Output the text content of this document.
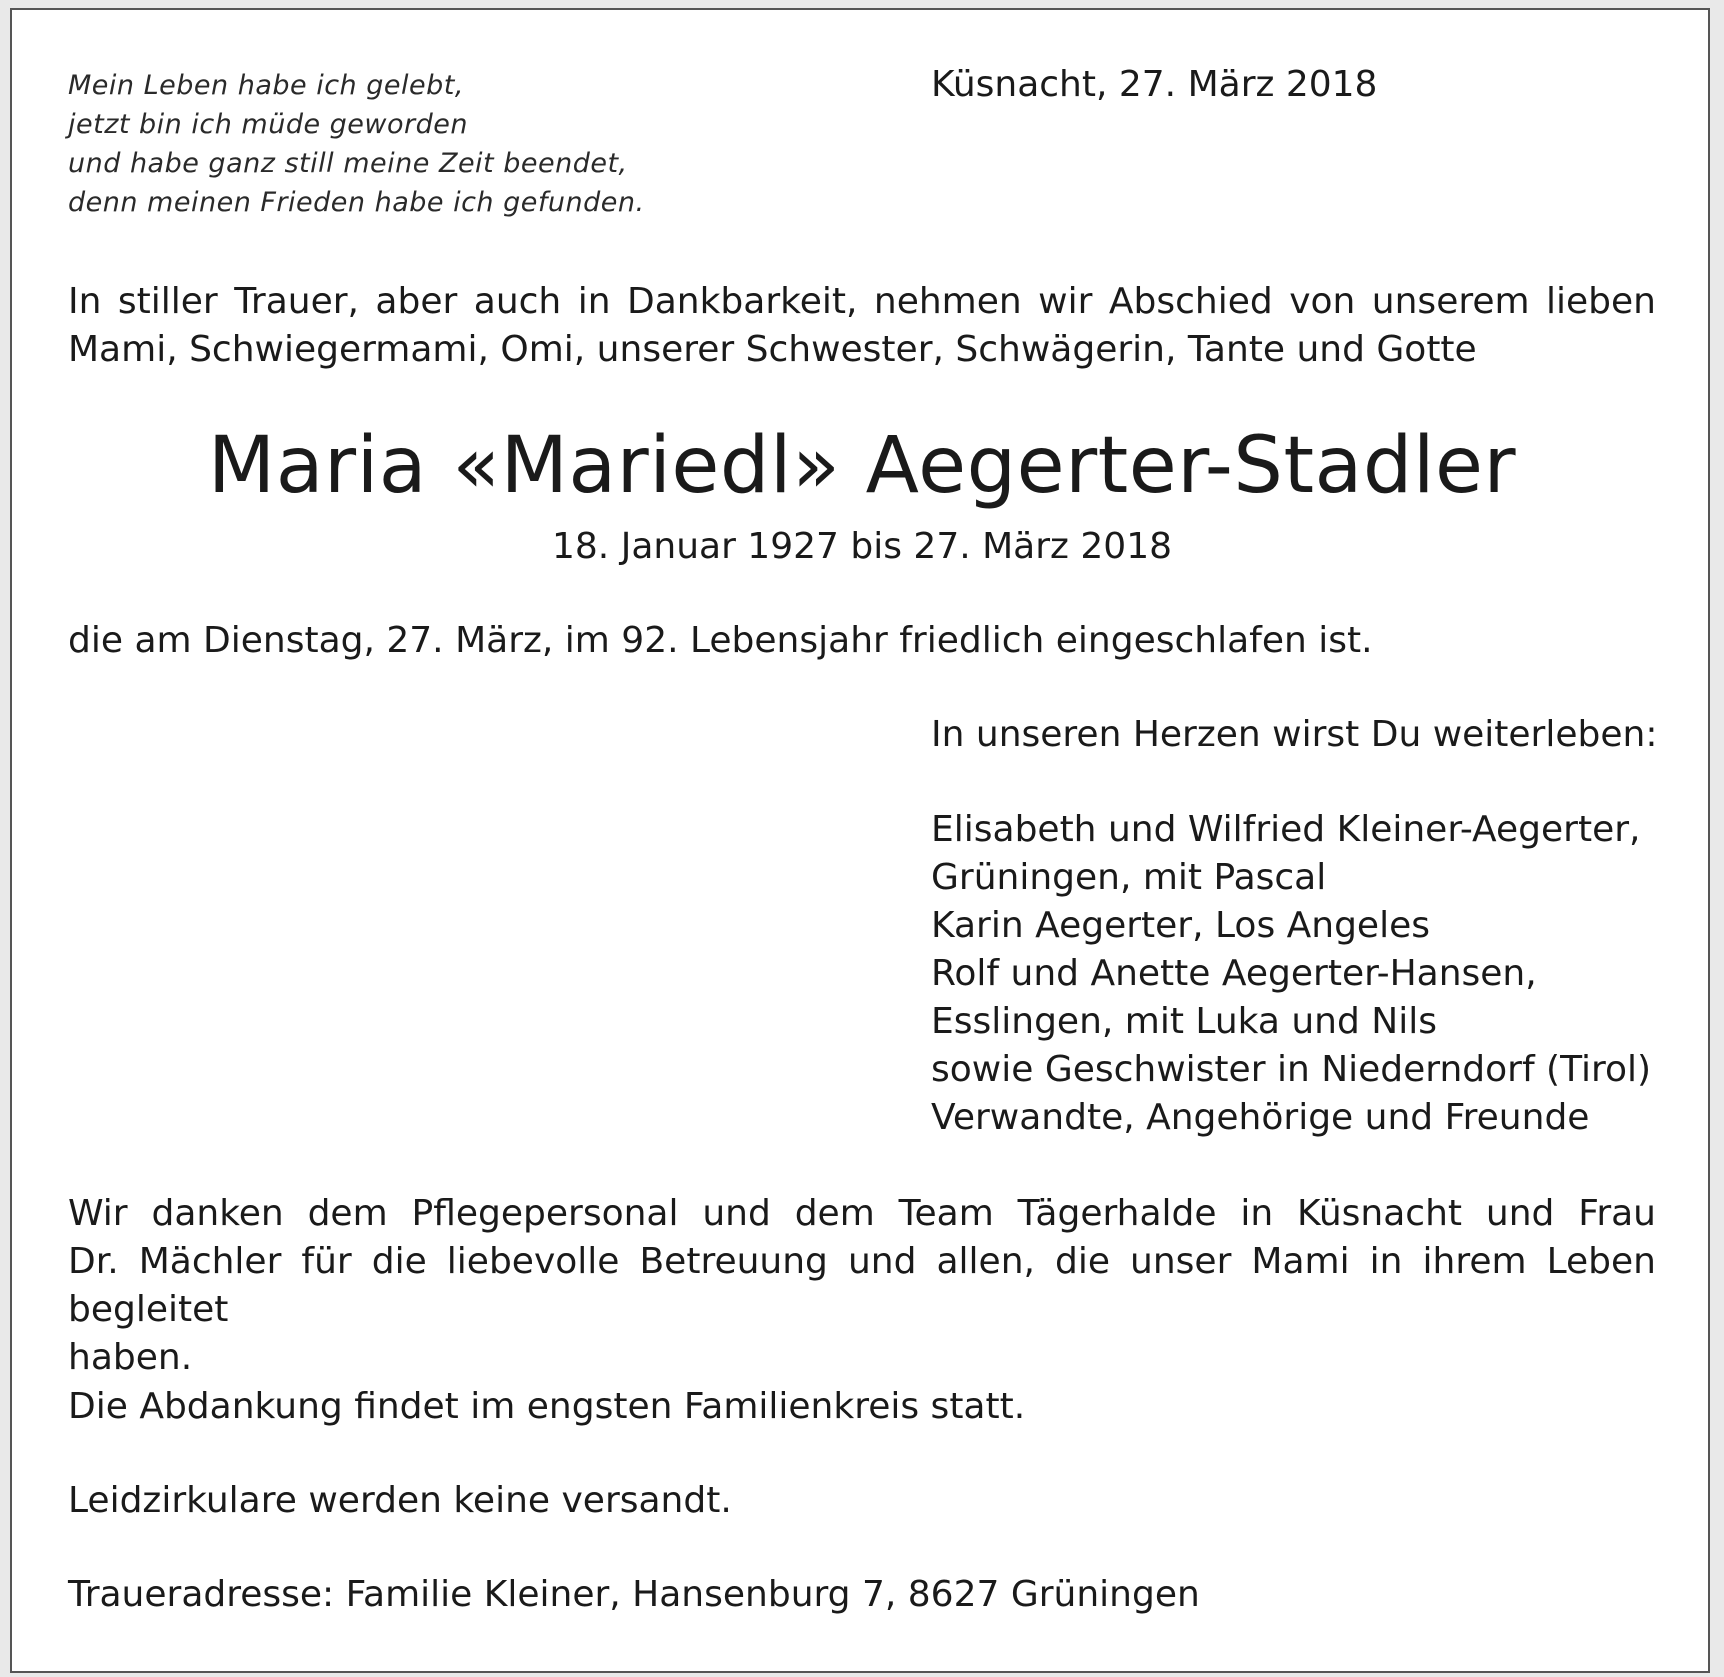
Mein Leben habe ich gelebt,
jetzt bin ich müde geworden
und habe ganz still meine Zeit beendet,
denn meinen Frieden habe ich gefunden.
Küsnacht, 27. März 2018
In stiller Trauer, aber auch in Dankbarkeit, nehmen wir Abschied von unserem lieben
Mami, Schwiegermami, Omi, unserer Schwester, Schwägerin, Tante und Gotte
Maria «Mariedl» Aegerter-Stadler
18. Januar 1927 bis 27. März 2018
die am Dienstag, 27. März, im 92. Lebensjahr friedlich eingeschlafen ist.
In unseren Herzen wirst Du weiterleben:
Elisabeth und Wilfried Kleiner-Aegerter,
Grüningen, mit Pascal
Karin Aegerter, Los Angeles
Rolf und Anette Aegerter-Hansen,
Esslingen, mit Luka und Nils
sowie Geschwister in Niederndorf (Tirol)
Verwandte, Angehörige und Freunde
Wir danken dem Pflegepersonal und dem Team Tägerhalde in Küsnacht und Frau
Dr. Mächler für die liebevolle Betreuung und allen, die unser Mami in ihrem Leben begleitet
haben.
Die Abdankung findet im engsten Familienkreis statt.
Leidzirkulare werden keine versandt.
Traueradresse: Familie Kleiner, Hansenburg 7, 8627 Grüningen
